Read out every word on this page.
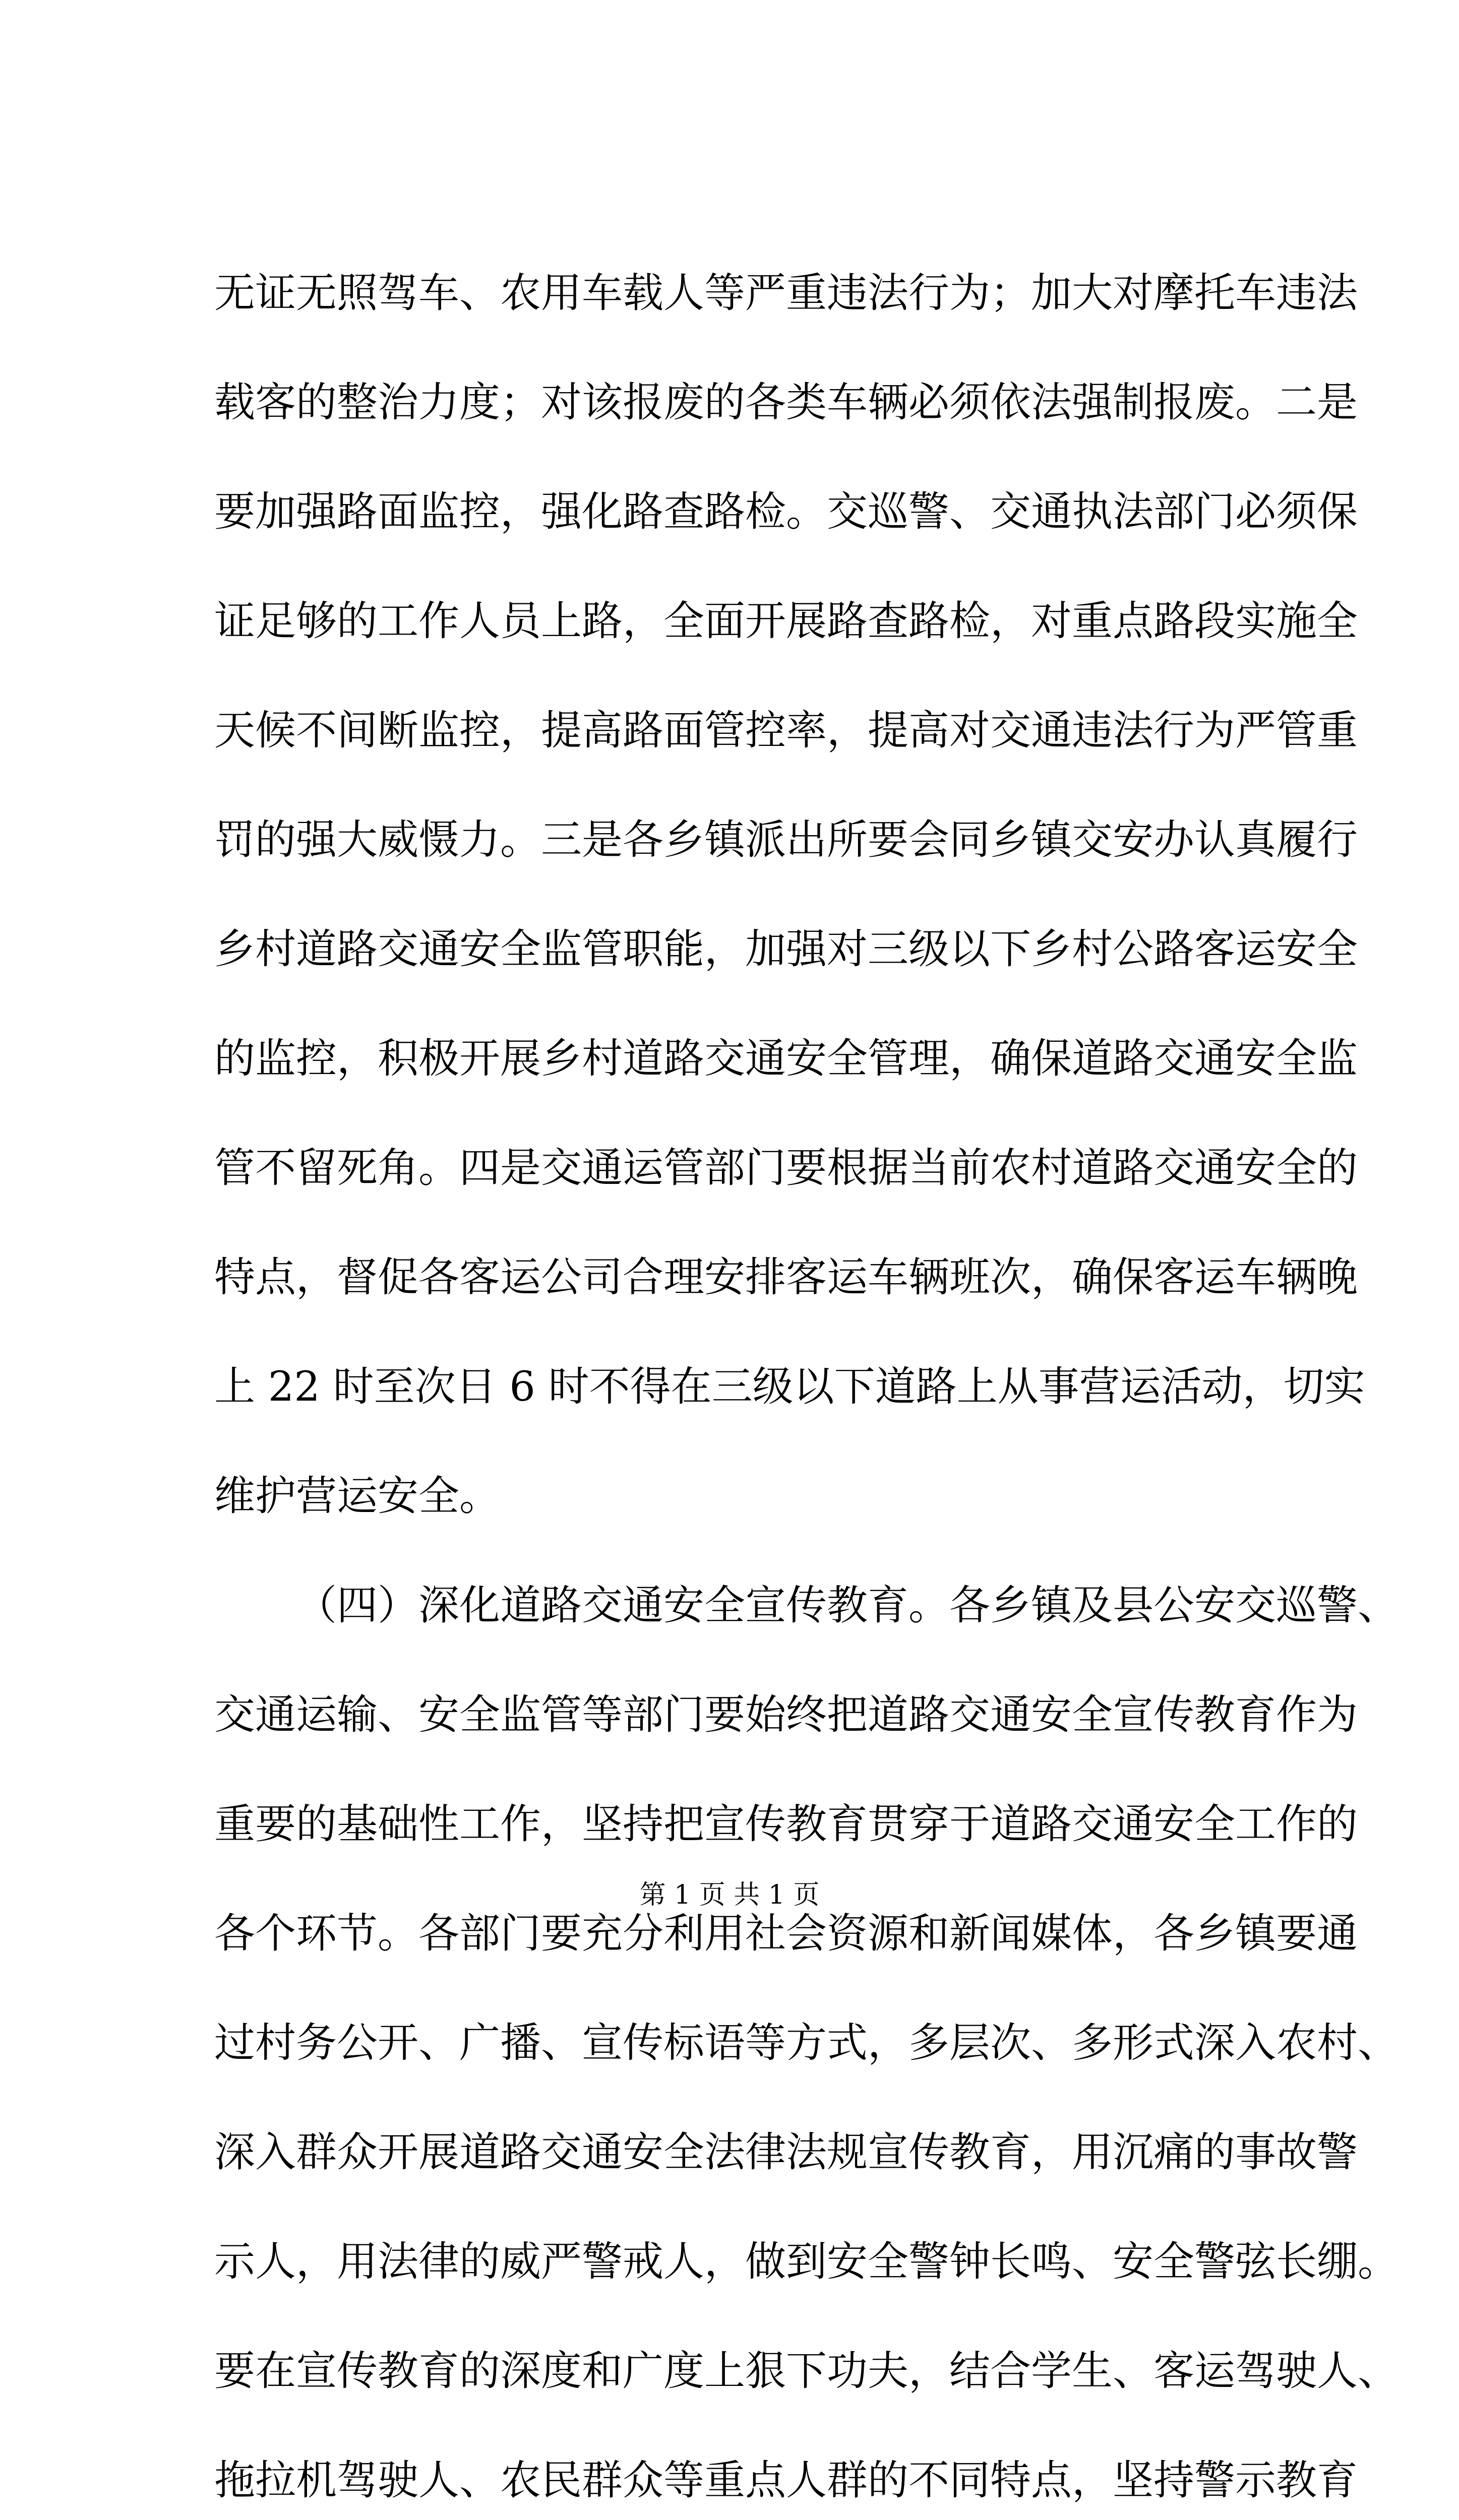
无证无照驾车、农用车载人等严重违法行为；加大对摩托车违法
载客的整治力度；对该报废的各类车辆必须依法强制报废。二是
要加强路面监控，强化路查路检。交巡警、交通执法部门必须保
证足够的工作人员上路，全面开展路查路检，对重点路段实施全
天候不间断监控，提高路面管控率，提高对交通违法行为严管重
罚的强大威慑力。三是各乡镇派出所要会同乡镇交安办认真履行
乡村道路交通安全监管职能，加强对三级以下乡村公路客运安全
的监控，积极开展乡村道路交通安全管理，确保道路交通安全监
管不留死角。四是交通运管部门要根据当前农村道路交通安全的
特点，督促各客运公司合理安排客运车辆班次，确保客运车辆晚
上 22 时至次日 6 时不得在三级以下道路上从事营运活动，切实
维护营运安全。
（四）深化道路交通安全宣传教育。各乡镇及县公安交巡警、
交通运输、安全监管等部门要始终把道路交通安全宣传教育作为
重要的基础性工作，坚持把宣传教育贯穿于道路交通安全工作的
各个环节。各部门要充分利用社会资源和新闻媒体，各乡镇要通
过村务公开、广播、宣传标语等方式，多层次、多形式深入农村、
深入群众开展道路交通安全法律法规宣传教育，用沉痛的事故警
示人，用法律的威严警戒人，做到安全警钟长鸣、安全警弦长绷。
要在宣传教育的深度和广度上狠下功夫，结合学生、客运驾驶人、
拖拉机驾驶人、农民群众等重点人群的不同特点，坚持警示教育
第 1 页 共 1 页
